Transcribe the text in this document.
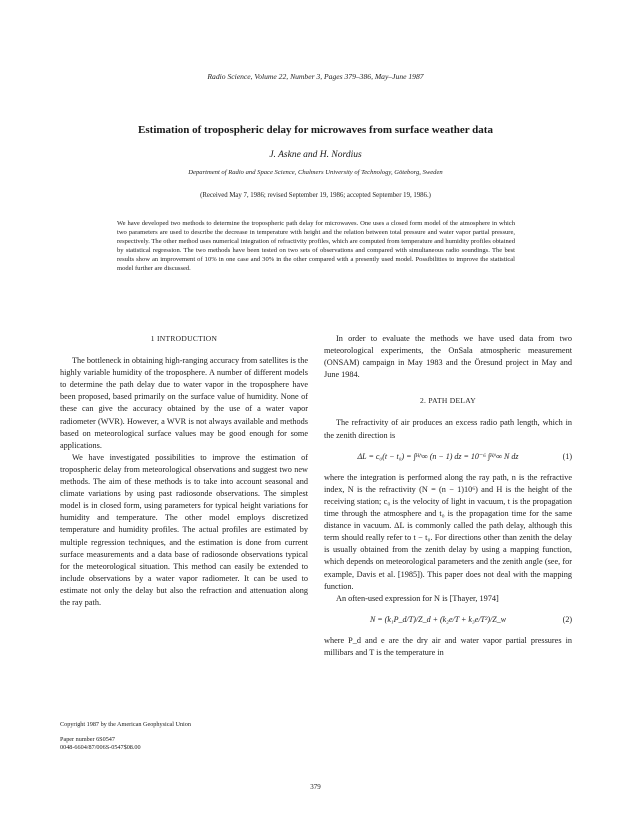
Radio Science, Volume 22, Number 3, Pages 379–386, May–June 1987
Estimation of tropospheric delay for microwaves from surface weather data
J. Askne and H. Nordius
Department of Radio and Space Science, Chalmers University of Technology, Göteborg, Sweden
(Received May 7, 1986; revised September 19, 1986; accepted September 19, 1986.)
We have developed two methods to determine the tropospheric path delay for microwaves. One uses a closed form model of the atmosphere in which two parameters are used to describe the decrease in temperature with height and the relation between total pressure and water vapor partial pressure, respectively. The other method uses numerical integration of refractivity profiles, which are computed from temperature and humidity profiles obtained by statistical regression. The two methods have been tested on two sets of observations and compared with simultaneous radio soundings. The best results show an improvement of 10% in one case and 30% in the other compared with a presently used model. Possibilities to improve the statistical model further are discussed.
1 INTRODUCTION

The bottleneck in obtaining high-ranging accuracy from satellites is the highly variable humidity of the troposphere. A number of different models to determine the path delay due to water vapor in the troposphere have been proposed, based primarily on the surface value of humidity. None of these can give the accuracy obtained by the use of a water vapor radiometer (WVR). However, a WVR is not always available and methods based on meteorological surface values may be good enough for some applications.

We have investigated possibilities to improve the estimation of tropospheric delay from meteorological observations and suggest two new methods. The aim of these methods is to take into account seasonal and climate variations by using past radiosonde observations. The simplest model is in closed form, using parameters for typical height variations for humidity and temperature. The other model employs discretized temperature and humidity profiles. The actual profiles are estimated by multiple regression techniques, and the estimation is done from current surface measurements and a data base of radiosonde observations typical for the meteorological situation. This method can easily be extended to include observations by a water vapor radiometer. It can be used to estimate not only the delay but also the refraction and attenuation along the ray path.

In order to evaluate the methods we have used data from two meteorological experiments, the OnSala atmospheric measurement (ONSAM) campaign in May 1983 and the Öresund project in May and June 1984.

2. PATH DELAY

The refractivity of air produces an excess radio path length, which in the zenith direction is

ΔL = c₀(t − t₀) = ∫ᴴ^∞ (n − 1) dz = 10⁻⁶ ∫ᴴ^∞ N dz	(1)

where the integration is performed along the ray path, n is the refractive index, N is the refractivity (N = (n − 1)10⁶) and H is the height of the receiving station; c₀ is the velocity of light in vacuum, t is the propagation time through the atmosphere and t₀ is the propagation time for the same distance in vacuum. ΔL is commonly called the path delay, although this term should really refer to t − t₀. For directions other than zenith the delay is usually obtained from the zenith delay by using a mapping function, which depends on meteorological parameters and the zenith angle (see, for example, Davis et al. [1985]). This paper does not deal with the mapping function.

An often-used expression for N is [Thayer, 1974]

N = (k₁P_d/T)/Z_d + (k₂e/T + k₃e/T²)/Z_w	(2)

where P_d and e are the dry air and water vapor partial pressures in millibars and T is the temperature in

Copyright 1987 by the American Geophysical Union
Paper number 6S0547
0048-6604/87/006S-0547$08.00
379
